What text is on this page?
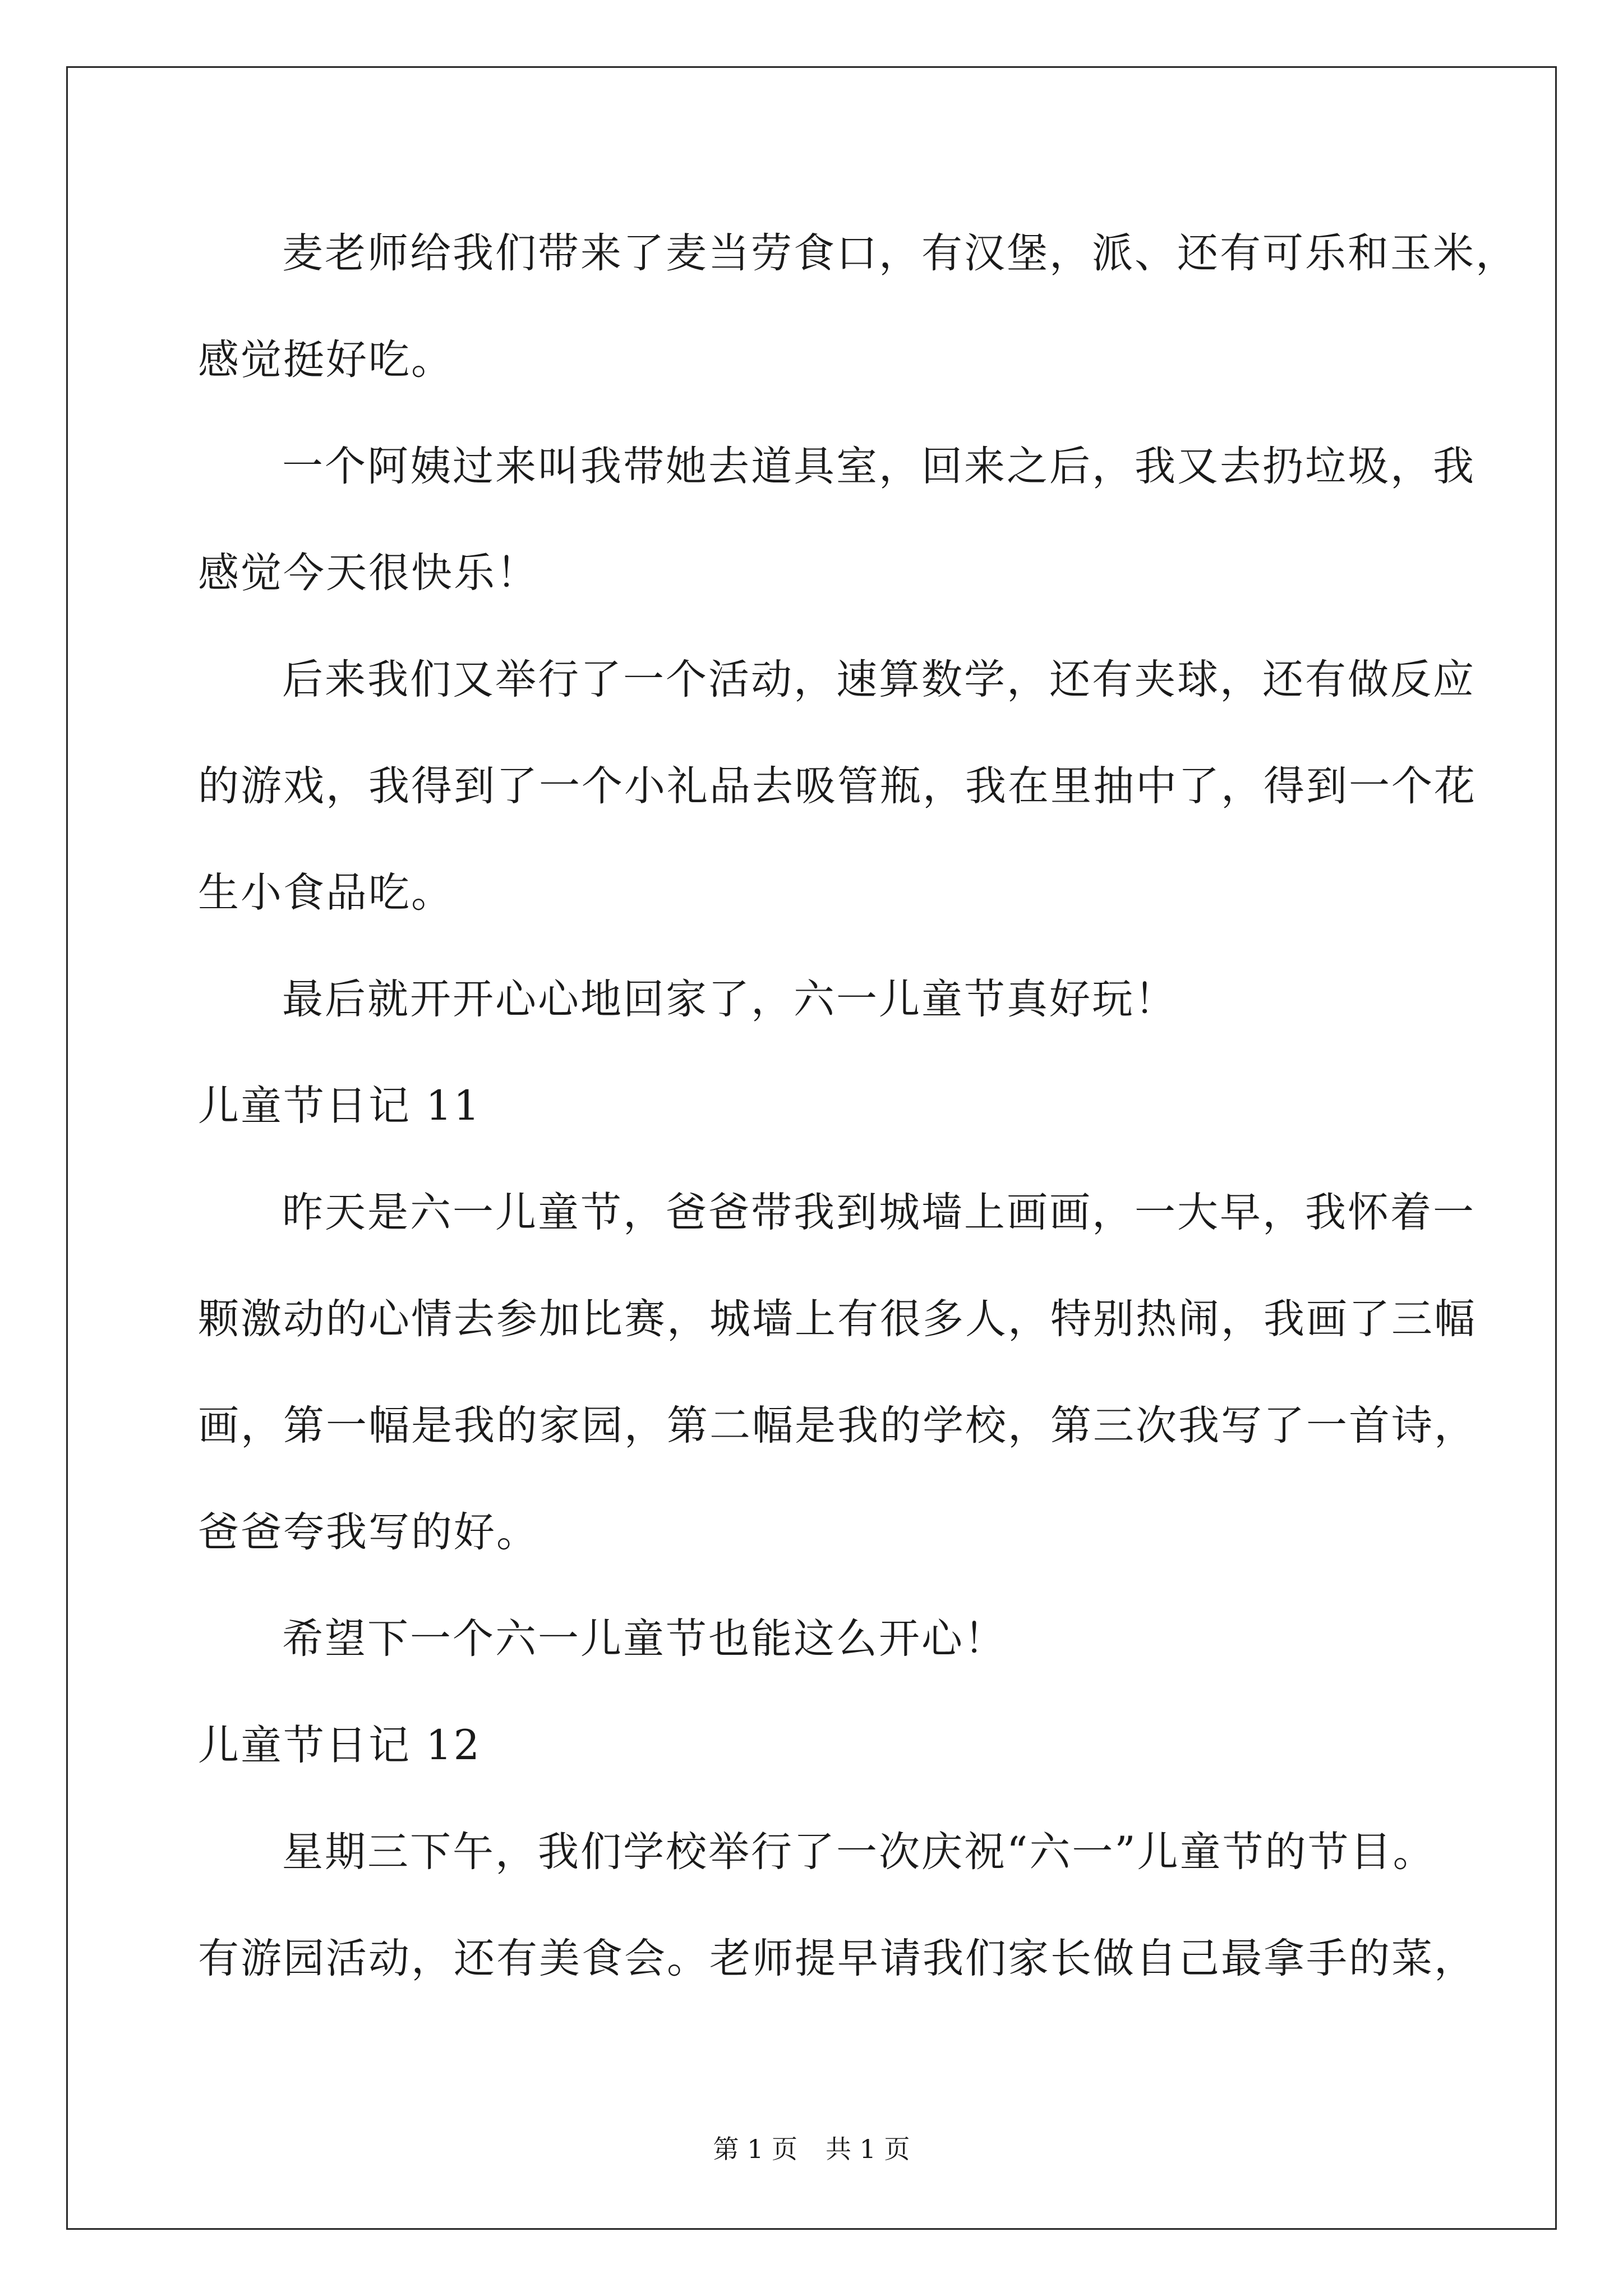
麦老师给我们带来了麦当劳食口，有汉堡，派、还有可乐和玉米，
感觉挺好吃。
一个阿姨过来叫我带她去道具室，回来之后，我又去扔垃圾，我
感觉今天很快乐！
后来我们又举行了一个活动，速算数学，还有夹球，还有做反应
的游戏，我得到了一个小礼品去吸管瓶，我在里抽中了，得到一个花
生小食品吃。
最后就开开心心地回家了，六一儿童节真好玩！
儿童节日记 11
昨天是六一儿童节，爸爸带我到城墙上画画，一大早，我怀着一
颗激动的心情去参加比赛，城墙上有很多人，特别热闹，我画了三幅
画，第一幅是我的家园，第二幅是我的学校，第三次我写了一首诗，
爸爸夸我写的好。
希望下一个六一儿童节也能这么开心！
儿童节日记 12
星期三下午，我们学校举行了一次庆祝“六一”儿童节的节目。
有游园活动，还有美食会。老师提早请我们家长做自己最拿手的菜，
第 1 页 共 1 页
